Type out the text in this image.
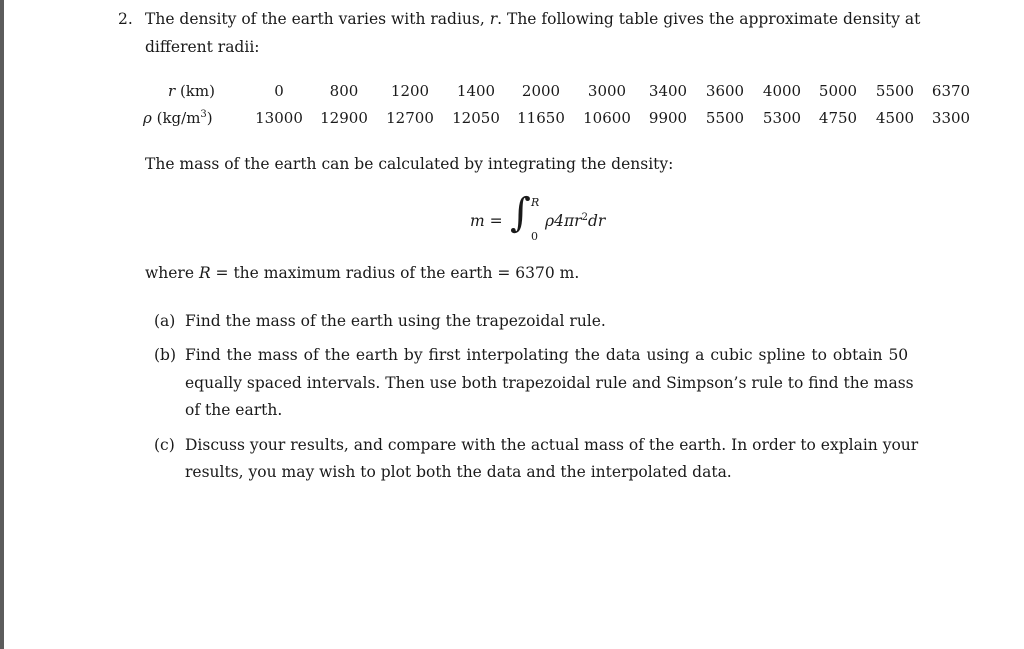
2. The density of the earth varies with radius, r. The following table gives the approximate density at
different radii:
r (km)
ρ $(kg/m^3)$
0	800 1200 1400 2000 3000 3400 3600 4000 5000 5500 6370
13000 12900 12700 12050 11650 10600 9900 5500 5300 4750 4500 3300
The mass of the earth can be calculated by integrating the density:
m = ∫ R
0
$\rho 4\pi r^2dr$
where R = the maximum radius of the earth = 6370 m.
(a) Find the mass of the earth using the trapezoidal rule.
(b) Find the mass of the earth by first interpolating the data using a cubic spline to obtain 50
equally spaced intervals. Then use both trapezoidal rule and Simpson’s rule to find the mass
of the earth.
(c) Discuss your results, and compare with the actual mass of the earth. In order to explain your
results, you may wish to plot both the data and the interpolated data.
